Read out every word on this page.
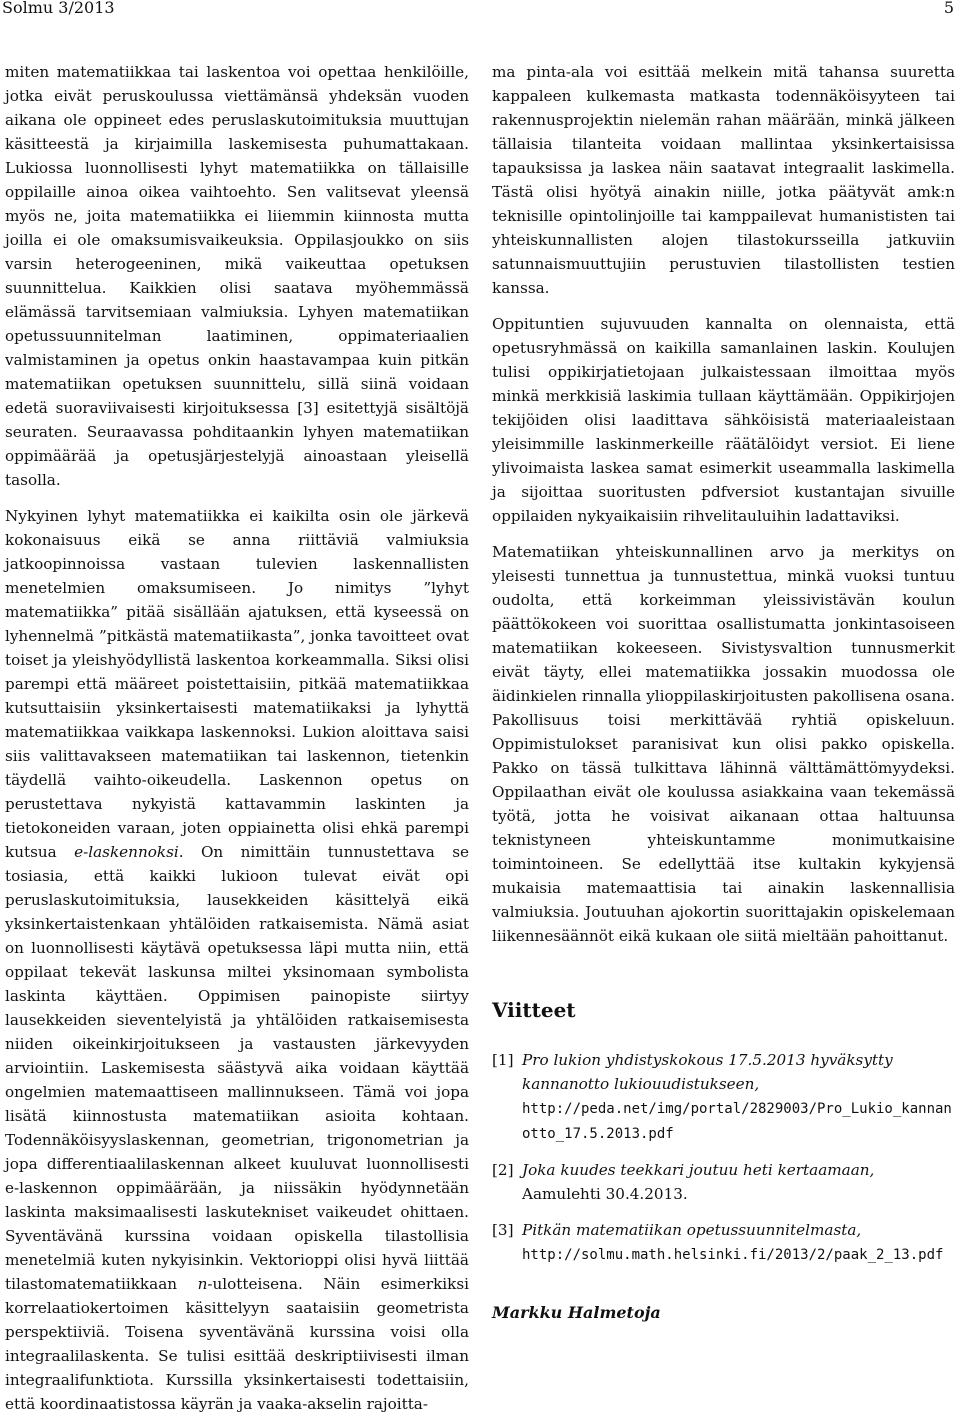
Solmu 3/2013	5

miten matematiikkaa tai laskentoa voi opettaa henkilöille, jotka eivät peruskoulussa viettämänsä yhdeksän vuoden aikana ole oppineet edes peruslaskutoimituksia muuttujan käsitteestä ja kirjaimilla laskemisesta puhumattakaan. Lukiossa luonnollisesti lyhyt matematiikka on tällaisille oppilaille ainoa oikea vaihtoehto. Sen valitsevat yleensä myös ne, joita matematiikka ei liiemmin kiinnosta mutta joilla ei ole omaksumisvaikeuksia. Oppilasjoukko on siis varsin heterogeeninen, mikä vaikeuttaa opetuksen suunnittelua. Kaikkien olisi saatava myöhemmässä elämässä tarvitsemiaan valmiuksia. Lyhyen matematiikan opetussuunnitelman laatiminen, oppimateriaalien valmistaminen ja opetus onkin haastavampaa kuin pitkän matematiikan opetuksen suunnittelu, sillä siinä voidaan edetä suoraviivaisesti kirjoituksessa [3] esitettyjä sisältöjä seuraten. Seuraavassa pohditaankin lyhyen matematiikan oppimäärää ja opetusjärjestelyjä ainoastaan yleisellä tasolla.

Nykyinen lyhyt matematiikka ei kaikilta osin ole järkevä kokonaisuus eikä se anna riittäviä valmiuksia jatkoopinnoissa vastaan tulevien laskennallisten menetelmien omaksumiseen. Jo nimitys ”lyhyt matematiikka” pitää sisällään ajatuksen, että kyseessä on lyhennelmä ”pitkästä matematiikasta”, jonka tavoitteet ovat toiset ja yleishyödyllistä laskentoa korkeammalla. Siksi olisi parempi että määreet poistettaisiin, pitkää matematiikkaa kutsuttaisiin yksinkertaisesti matematiikaksi ja lyhyttä matematiikkaa vaikkapa laskennoksi. Lukion aloittava saisi siis valittavakseen matematiikan tai laskennon, tietenkin täydellä vaihto-oikeudella. Laskennon opetus on perustettava nykyistä kattavammin laskinten ja tietokoneiden varaan, joten oppiainetta olisi ehkä parempi kutsua e-laskennoksi. On nimittäin tunnustettava se tosiasia, että kaikki lukioon tulevat eivät opi peruslaskutoimituksia, lausekkeiden käsittelyä eikä yksinkertaistenkaan yhtälöiden ratkaisemista. Nämä asiat on luonnollisesti käytävä opetuksessa läpi mutta niin, että oppilaat tekevät laskunsa miltei yksinomaan symbolista laskinta käyttäen. Oppimisen painopiste siirtyy lausekkeiden sieventelyistä ja yhtälöiden ratkaisemisesta niiden oikeinkirjoitukseen ja vastausten järkevyyden arviointiin. Laskemisesta säästyvä aika voidaan käyttää ongelmien matemaattiseen mallinnukseen. Tämä voi jopa lisätä kiinnostusta matematiikan asioita kohtaan. Todennäköisyyslaskennan, geometrian, trigonometrian ja jopa differentiaalilaskennan alkeet kuuluvat luonnollisesti e-laskennon oppimäärään, ja niissäkin hyödynnetään laskinta maksimaalisesti laskutekniset vaikeudet ohittaen. Syventävänä kurssina voidaan opiskella tilastollisia menetelmiä kuten nykyisinkin. Vektorioppi olisi hyvä liittää tilastomatematiikkaan n-ulotteisena. Näin esimerkiksi korrelaatiokertoimen käsittelyyn saataisiin geometrista perspektiiviä. Toisena syventävänä kurssina voisi olla integraalilaskenta. Se tulisi esittää deskriptiivisesti ilman integraalifunktiota. Kurssilla yksinkertaisesti todettaisiin, että koordinaatistossa käyrän ja vaaka-akselin rajoitta-

ma pinta-ala voi esittää melkein mitä tahansa suuretta kappaleen kulkemasta matkasta todennäköisyyteen tai rakennusprojektin nielemän rahan määrään, minkä jälkeen tällaisia tilanteita voidaan mallintaa yksinkertaisissa tapauksissa ja laskea näin saatavat integraalit laskimella. Tästä olisi hyötyä ainakin niille, jotka päätyvät amk:n teknisille opintolinjoille tai kamppailevat humanististen tai yhteiskunnallisten alojen tilastokursseilla jatkuviin satunnaismuuttujiin perustuvien tilastollisten testien kanssa.

Oppituntien sujuvuuden kannalta on olennaista, että opetusryhmässä on kaikilla samanlainen laskin. Koulujen tulisi oppikirjatietojaan julkaistessaan ilmoittaa myös minkä merkkisiä laskimia tullaan käyttämään. Oppikirjojen tekijöiden olisi laadittava sähköisistä materiaaleistaan yleisimmille laskinmerkeille räätälöidyt versiot. Ei liene ylivoimaista laskea samat esimerkit useammalla laskimella ja sijoittaa suoritusten pdfversiot kustantajan sivuille oppilaiden nykyaikaisiin rihvelitauluihin ladattaviksi.

Matematiikan yhteiskunnallinen arvo ja merkitys on yleisesti tunnettua ja tunnustettua, minkä vuoksi tuntuu oudolta, että korkeimman yleissivistävän koulun päättökokeen voi suorittaa osallistumatta jonkintasoiseen matematiikan kokeeseen. Sivistysvaltion tunnusmerkit eivät täyty, ellei matematiikka jossakin muodossa ole äidinkielen rinnalla ylioppilaskirjoitusten pakollisena osana. Pakollisuus toisi merkittävää ryhtiä opiskeluun. Oppimistulokset paranisivat kun olisi pakko opiskella. Pakko on tässä tulkittava lähinnä välttämättömyydeksi. Oppilaathan eivät ole koulussa asiakkaina vaan tekemässä työtä, jotta he voisivat aikanaan ottaa haltuunsa teknistyneen yhteiskuntamme monimutkaisine toimintoineen. Se edellyttää itse kultakin kykyjensä mukaisia matemaattisia tai ainakin laskennallisia valmiuksia. Joutuuhan ajokortin suorittajakin opiskelemaan liikennesäännöt eikä kukaan ole siitä mieltään pahoittanut.

Viitteet
[1] Pro lukion yhdistyskokous 17.5.2013 hyväksytty kannanotto lukiouudistukseen,
http://peda.net/img/portal/2829003/Pro_Lukio_kannanotto_17.5.2013.pdf
[2] Joka kuudes teekkari joutuu heti kertaamaan, Aamulehti 30.4.2013.
[3] Pitkän matematiikan opetussuunnitelmasta,
http://solmu.math.helsinki.fi/2013/2/paak_2_13.pdf
Markku Halmetoja
